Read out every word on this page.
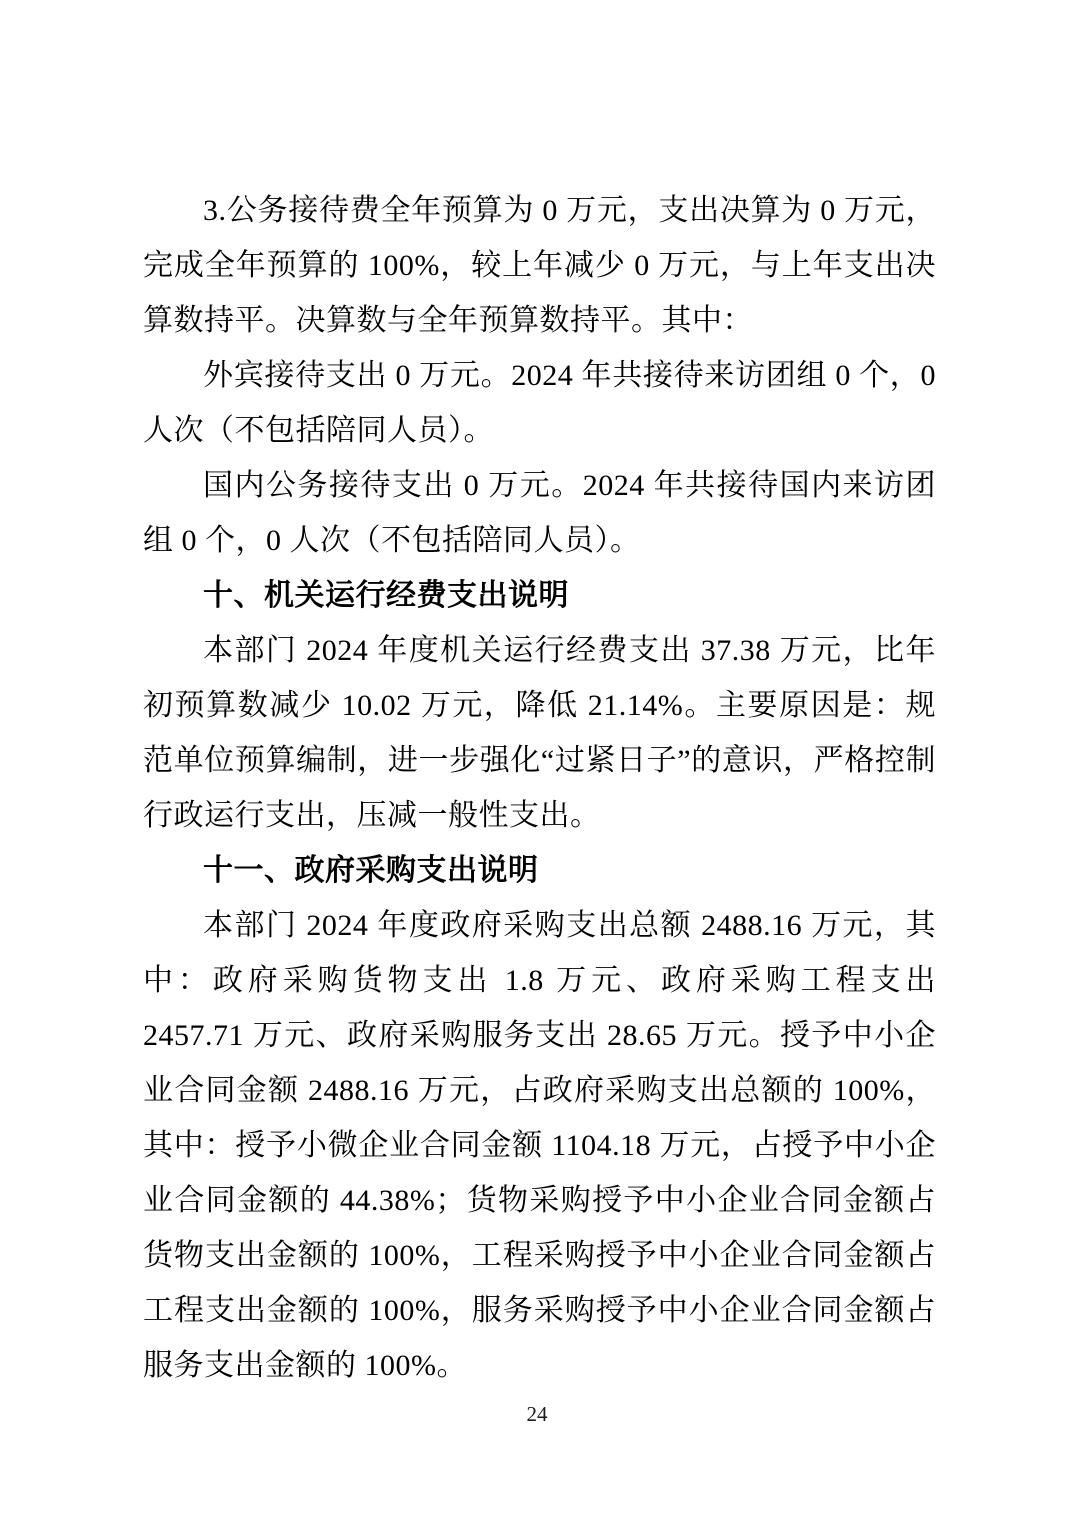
3.公务接待费全年预算为 0 万元，支出决算为 0 万元，完成全年预算的 100%，较上年减少 0 万元，与上年支出决算数持平。决算数与全年预算数持平。其中：

外宾接待支出 0 万元。2024 年共接待来访团组 0 个，0 人次（不包括陪同人员）。

国内公务接待支出 0 万元。2024 年共接待国内来访团组 0 个，0 人次（不包括陪同人员）。

十、机关运行经费支出说明

本部门 2024 年度机关运行经费支出 37.38 万元，比年初预算数减少 10.02 万元，降低 21.14%。主要原因是：规范单位预算编制，进一步强化“过紧日子”的意识，严格控制行政运行支出，压减一般性支出。

十一、政府采购支出说明

本部门 2024 年度政府采购支出总额 2488.16 万元，其中：政府采购货物支出 1.8 万元、政府采购工程支出 2457.71 万元、政府采购服务支出 28.65 万元。授予中小企业合同金额 2488.16 万元，占政府采购支出总额的 100%，其中：授予小微企业合同金额 1104.18 万元，占授予中小企业合同金额的 44.38%；货物采购授予中小企业合同金额占货物支出金额的 100%，工程采购授予中小企业合同金额占工程支出金额的 100%，服务采购授予中小企业合同金额占服务支出金额的 100%。

24
